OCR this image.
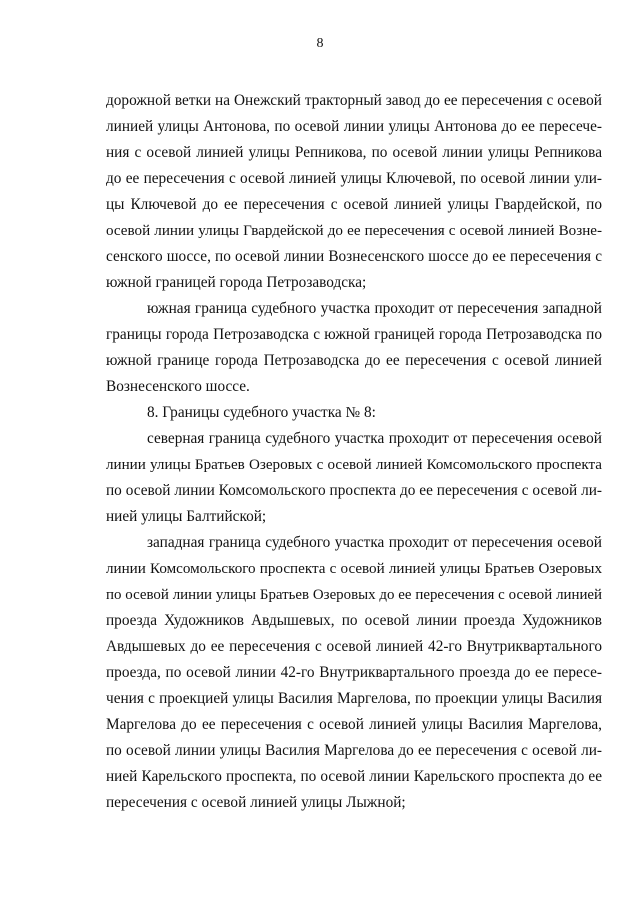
8
дорожной ветки на Онежский тракторный завод до ее пересечения с осевой
линией улицы Антонова, по осевой линии улицы Антонова до ее пересече-
ния с осевой линией улицы Репникова, по осевой линии улицы Репникова
до ее пересечения с осевой линией улицы Ключевой, по осевой линии ули-
цы Ключевой до ее пересечения с осевой линией улицы Гвардейской, по
осевой линии улицы Гвардейской до ее пересечения с осевой линией Возне-
сенского шоссе, по осевой линии Вознесенского шоссе до ее пересечения с
южной границей города Петрозаводска;
южная граница судебного участка проходит от пересечения западной
границы города Петрозаводска с южной границей города Петрозаводска по
южной границе города Петрозаводска до ее пересечения с осевой линией
Вознесенского шоссе.
8. Границы судебного участка № 8:
северная граница судебного участка проходит от пересечения осевой
линии улицы Братьев Озеровых с осевой линией Комсомольского проспекта
по осевой линии Комсомольского проспекта до ее пересечения с осевой ли-
нией улицы Балтийской;
западная граница судебного участка проходит от пересечения осевой
линии Комсомольского проспекта с осевой линией улицы Братьев Озеровых
по осевой линии улицы Братьев Озеровых до ее пересечения с осевой линией
проезда Художников Авдышевых, по осевой линии проезда Художников
Авдышевых до ее пересечения с осевой линией 42-го Внутриквартального
проезда, по осевой линии 42-го Внутриквартального проезда до ее пересе-
чения с проекцией улицы Василия Маргелова, по проекции улицы Василия
Маргелова до ее пересечения с осевой линией улицы Василия Маргелова,
по осевой линии улицы Василия Маргелова до ее пересечения с осевой ли-
нией Карельского проспекта, по осевой линии Карельского проспекта до ее
пересечения с осевой линией улицы Лыжной;
